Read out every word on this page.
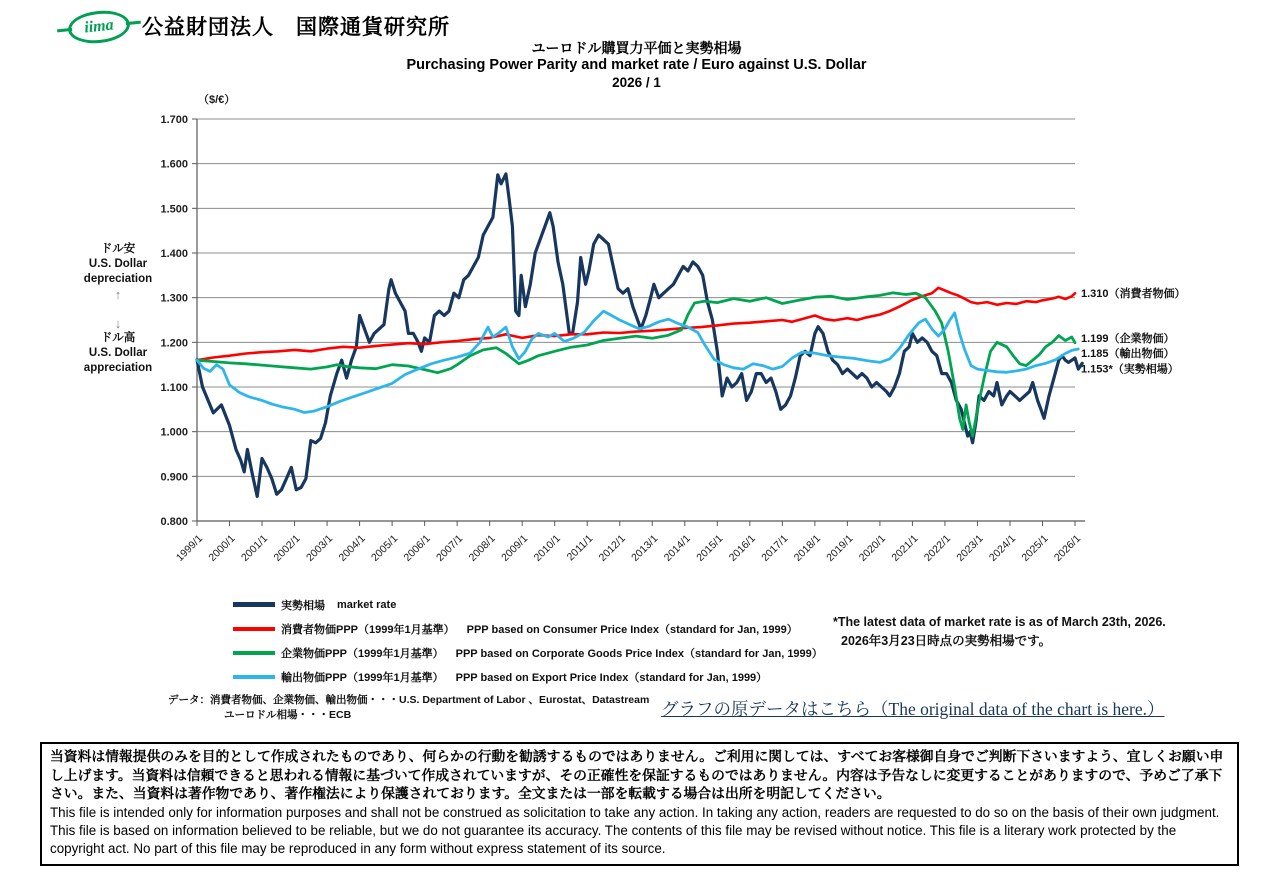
iima 公益財団法人　国際通貨研究所
ユーロドル購買力平価と実勢相場
Purchasing Power Parity and market rate / Euro against U.S. Dollar
2026 / 1
（$/€）
ドル安
U.S. Dollar
depreciation
↑
↓
ドル高
U.S. Dollar
appreciation
0.800
0.900
1.000
1.100
1.200
1.300
1.400
1.500
1.600
1.700
1999/1 2000/1 2001/1 2002/1 2003/1 2004/1 2005/1 2006/1 2007/1 2008/1 2009/1 2010/1 2011/1 2012/1 2013/1 2014/1 2015/1 2016/1 2017/1 2018/1 2019/1 2020/1 2021/1 2022/1 2023/1 2024/1 2025/1 2026/1
1.310（消費者物価）
1.199（企業物価）
1.185（輸出物価）
1.153*（実勢相場）
実勢相場 market rate
消費者物価PPP（1999年1月基準） PPP based on Consumer Price Index（standard for Jan, 1999）
企業物価PPP（1999年1月基準） PPP based on Corporate Goods Price Index（standard for Jan, 1999）
輸出物価PPP（1999年1月基準） PPP based on Export Price Index（standard for Jan, 1999）
*The latest data of market rate is as of March 23th, 2026.
2026年3月23日時点の実勢相場です。
データ：消費者物価、企業物価、輸出物価・・・U.S. Department of Labor 、Eurostat、Datastream
ユーロドル相場・・・ECB	グラフの原データはこちら（The original data of the chart is here.）
当資料は情報提供のみを目的として作成されたものであり、何らかの行動を勧誘するものではありません。ご利用に関しては、すべてお客様御自身でご判断下さいますよう、宜しくお願い申し上げます。当資料は信頼できると思われる情報に基づいて作成されていますが、その正確性を保証するものではありません。内容は予告なしに変更することがありますので、予めご了承下さい。また、当資料は著作物であり、著作権法により保護されております。全文または一部を転載する場合は出所を明記してください。
This file is intended only for information purposes and shall not be construed as solicitation to take any action. In taking any action, readers are requested to do so on the basis of their own judgment. This file is based on information believed to be reliable, but we do not guarantee its accuracy. The contents of this file may be revised without notice. This file is a literary work protected by the copyright act. No part of this file may be reproduced in any form without express statement of its source.
